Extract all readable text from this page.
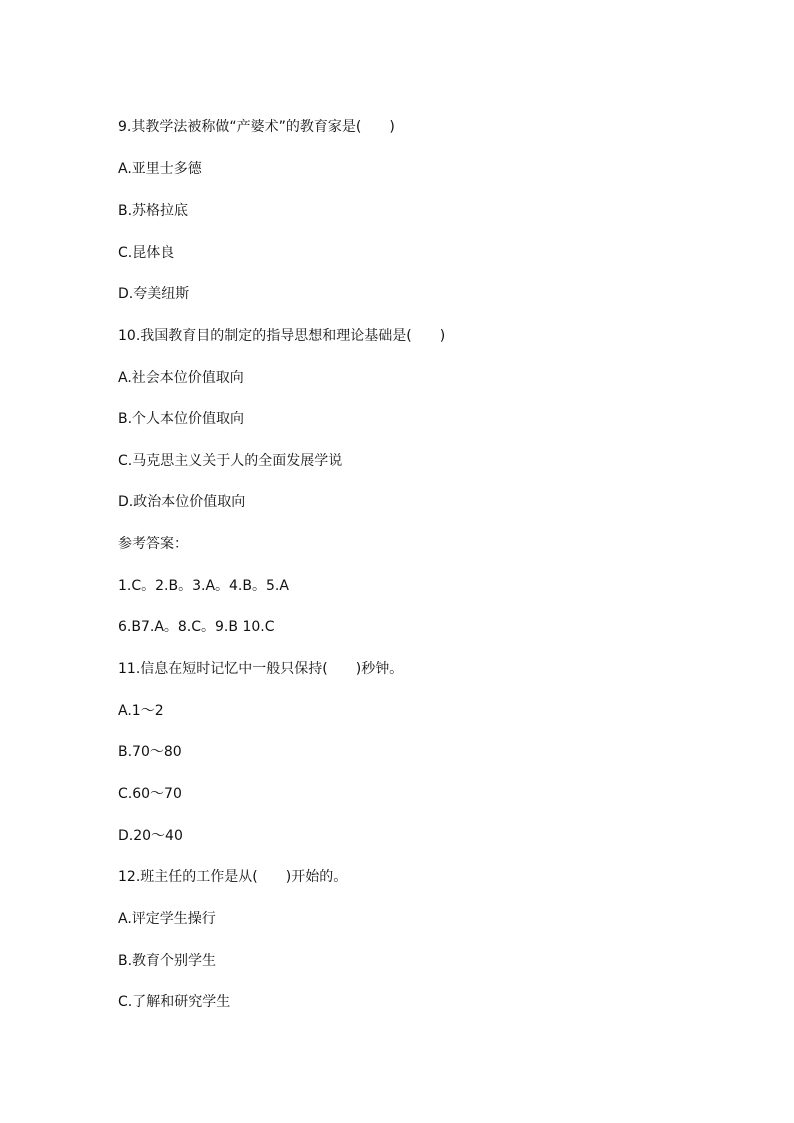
9.其教学法被称做“产婆术”的教育家是(　　)
A.亚里士多德
B.苏格拉底
C.昆体良
D.夸美纽斯
10.我国教育目的制定的指导思想和理论基础是(　　)
A.社会本位价值取向
B.个人本位价值取向
C.马克思主义关于人的全面发展学说
D.政治本位价值取向
参考答案：
1.C。2.B。3.A。4.B。5.A
6.B7.A。8.C。9.B 10.C
11.信息在短时记忆中一般只保持(　　)秒钟。
A.1～2
B.70～80
C.60～70
D.20～40
12.班主任的工作是从(　　)开始的。
A.评定学生操行
B.教育个别学生
C.了解和研究学生
